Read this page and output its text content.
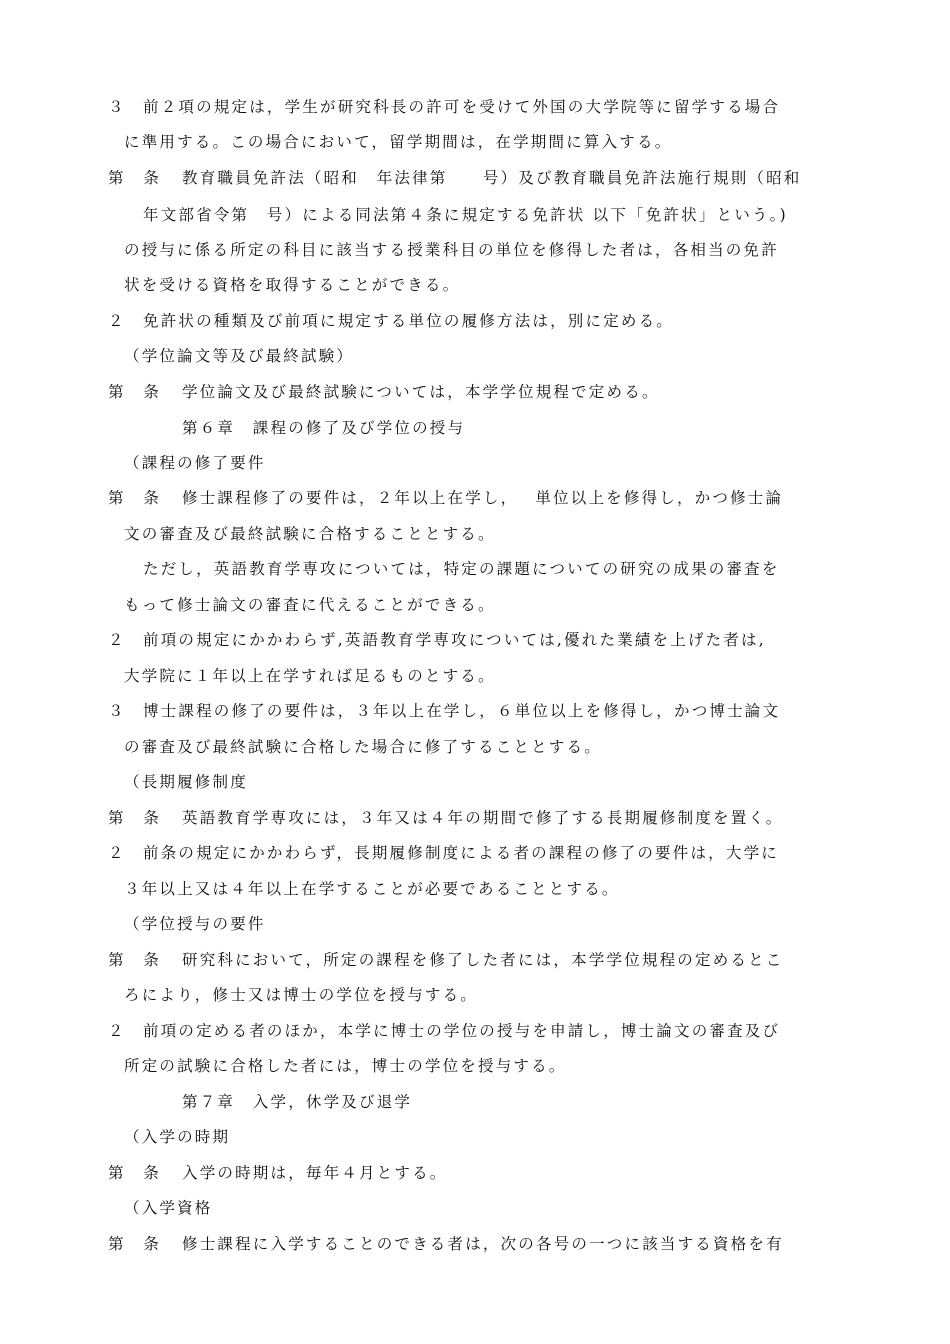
３ 前２項の規定は，学生が研究科長の許可を受けて外国の大学院等に留学する場合
に準用する。この場合において，留学期間は，在学期間に算入する。
第　条 教育職員免許法（昭和　年法律第　　号）及び教育職員免許法施行規則（昭和
年文部省令第　号）による同法第４条に規定する免許状 以下「免許状」という。)
の授与に係る所定の科目に該当する授業科目の単位を修得した者は，各相当の免許
状を受ける資格を取得することができる。
２ 免許状の種類及び前項に規定する単位の履修方法は，別に定める。
（学位論文等及び最終試験）
第　条 学位論文及び最終試験については，本学学位規程で定める。
第６章　課程の修了及び学位の授与
（課程の修了要件
第　条 修士課程修了の要件は，２年以上在学し，　 単位以上を修得し，かつ修士論
文の審査及び最終試験に合格することとする。
ただし，英語教育学専攻については，特定の課題についての研究の成果の審査を
もって修士論文の審査に代えることができる。
２ 前項の規定にかかわらず,英語教育学専攻については,優れた業績を上げた者は,
大学院に１年以上在学すれば足るものとする。
３ 博士課程の修了の要件は，３年以上在学し，６単位以上を修得し，かつ博士論文
の審査及び最終試験に合格した場合に修了することとする。
（長期履修制度
第　条 英語教育学専攻には，３年又は４年の期間で修了する長期履修制度を置く。
２ 前条の規定にかかわらず，長期履修制度による者の課程の修了の要件は，大学に
３年以上又は４年以上在学することが必要であることとする。
（学位授与の要件
第　条 研究科において，所定の課程を修了した者には，本学学位規程の定めるとこ
ろにより，修士又は博士の学位を授与する。
２ 前項の定める者のほか，本学に博士の学位の授与を申請し，博士論文の審査及び
所定の試験に合格した者には，博士の学位を授与する。
第７章　入学，休学及び退学
（入学の時期
第　条 入学の時期は，毎年４月とする。
（入学資格
第　条 修士課程に入学することのできる者は，次の各号の一つに該当する資格を有
